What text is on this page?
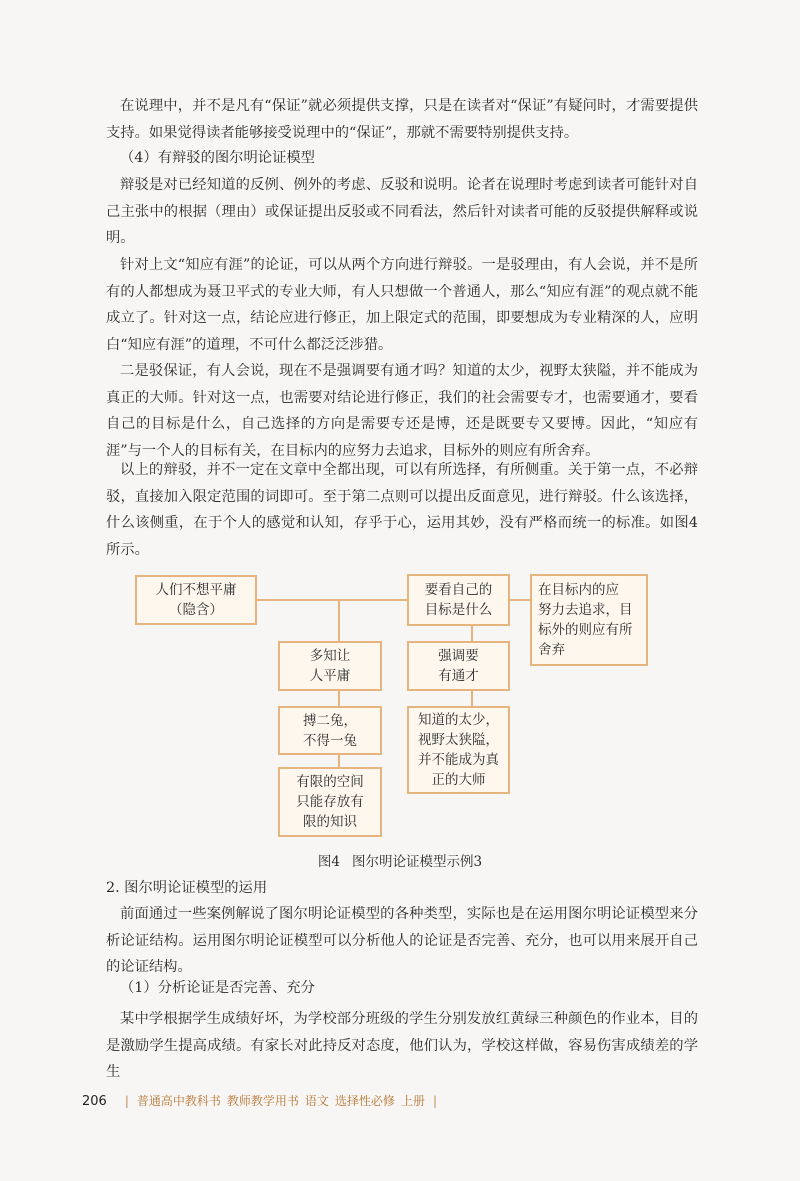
在说理中，并不是凡有“保证”就必须提供支撑，只是在读者对“保证”有疑问时，才需要提供支持。如果觉得读者能够接受说理中的“保证”，那就不需要特别提供支持。

（4）有辩驳的图尔明论证模型

辩驳是对已经知道的反例、例外的考虑、反驳和说明。论者在说理时考虑到读者可能针对自己主张中的根据（理由）或保证提出反驳或不同看法，然后针对读者可能的反驳提供解释或说明。

针对上文“知应有涯”的论证，可以从两个方向进行辩驳。一是驳理由，有人会说，并不是所有的人都想成为聂卫平式的专业大师，有人只想做一个普通人，那么“知应有涯”的观点就不能成立了。针对这一点，结论应进行修正，加上限定式的范围，即要想成为专业精深的人，应明白“知应有涯”的道理，不可什么都泛泛涉猎。

二是驳保证，有人会说，现在不是强调要有通才吗？知道的太少，视野太狭隘，并不能成为真正的大师。针对这一点，也需要对结论进行修正，我们的社会需要专才，也需要通才，要看自己的目标是什么，自己选择的方向是需要专还是博，还是既要专又要博。因此，“知应有涯”与一个人的目标有关，在目标内的应努力去追求，目标外的则应有所舍弃。

以上的辩驳，并不一定在文章中全都出现，可以有所选择，有所侧重。关于第一点，不必辩驳，直接加入限定范围的词即可。至于第二点则可以提出反面意见，进行辩驳。什么该选择，什么该侧重，在于个人的感觉和认知，存乎于心，运用其妙，没有严格而统一的标准。如图4所示。

人们不想平庸
（隐含）
要看自己的
目标是什么
在目标内的应
努力去追求，目
标外的则应有所
舍弃
多知让
人平庸
搏二兔，
不得一兔
有限的空间
只能存放有
限的知识
强调要
有通才
知道的太少，
视野太狭隘，
并不能成为真
正的大师
图4 图尔明论证模型示例3

2. 图尔明论证模型的运用

前面通过一些案例解说了图尔明论证模型的各种类型，实际也是在运用图尔明论证模型来分析论证结构。运用图尔明论证模型可以分析他人的论证是否完善、充分，也可以用来展开自己的论证结构。

（1）分析论证是否完善、充分

某中学根据学生成绩好坏，为学校部分班级的学生分别发放红黄绿三种颜色的作业本，目的是激励学生提高成绩。有家长对此持反对态度，他们认为，学校这样做，容易伤害成绩差的学生

206 | 普通高中教科书 教师教学用书 语文 选择性必修 上册 |
